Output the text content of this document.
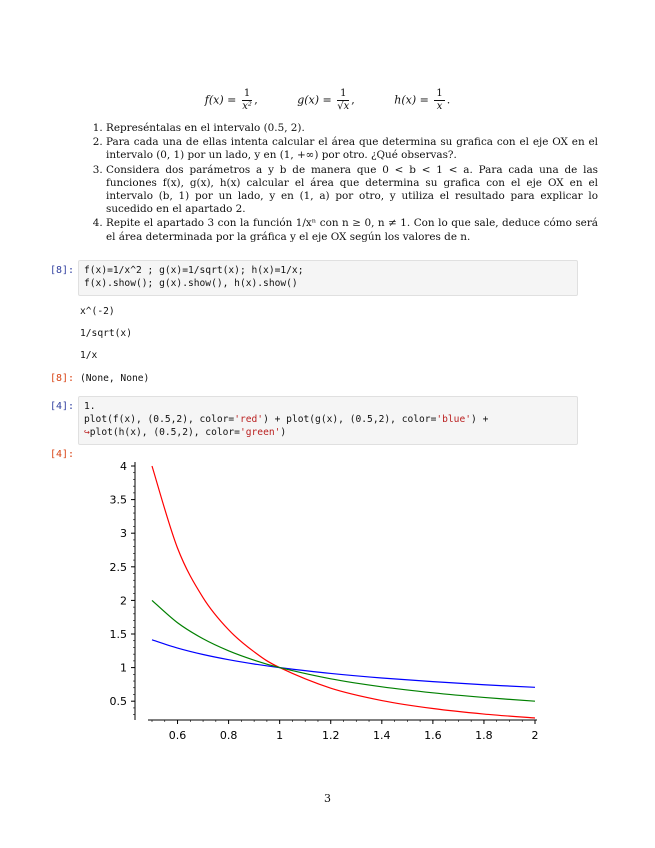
$f(x) = \frac{1}{\text{x²}}$ ,	$g(x) = \frac{1}{√x}$ ,	$h(x) = \frac{1}{x}$ .
1. Represéntalas en el intervalo (0.5, 2).
2. Para cada una de ellas intenta calcular el área que determina su grafica con el eje OX en el intervalo (0, 1) por un lado, y en (1, +∞) por otro. ¿Qué observas?.
3. Considera dos parámetros a y b de manera que 0 < b < 1 < a. Para cada una de las funciones f(x), g(x), h(x) calcular el área que determina su grafica con el eje OX en el intervalo (b, 1) por un lado, y en (1, a) por otro, y utiliza el resultado para explicar lo sucedido en el apartado 2.
4. Repite el apartado 3 con la función 1/xⁿ con n ≥ 0, n ≠ 1. Con lo que sale, deduce cómo será el área determinada por la gráfica y el eje OX según los valores de n.
[8]:	f(x)=1/x^2 ; g(x)=1/sqrt(x); h(x)=1/x;
f(x).show(); g(x).show(), h(x).show()
x^(-2)
1/sqrt(x)
1/x
[8]: (None, None)
[4]:	1.
plot(f(x), (0.5,2), color='red') + plot(g(x), (0.5,2), color='blue') +
↪plot(h(x), (0.5,2), color='green')
[4]:
0.5
1
1.5
2
2.5
3
3.5
4
0.6	0.8	1	1.2	1.4	1.6	1.8	2
3
